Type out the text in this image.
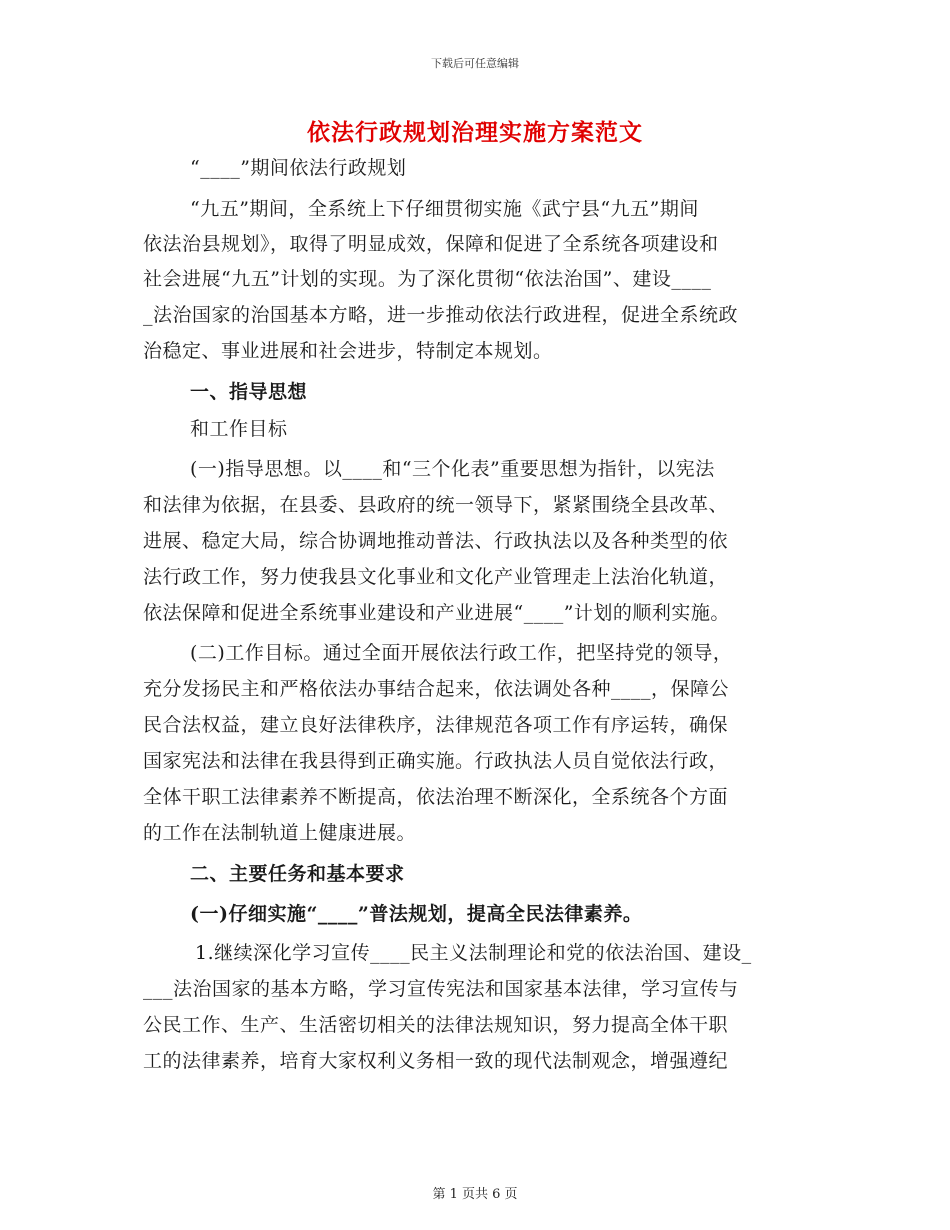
下载后可任意编辑
依法行政规划治理实施方案范文
“____”期间依法行政规划
“九五”期间，全系统上下仔细贯彻实施《武宁县“九五”期间
依法治县规划》，取得了明显成效，保障和促进了全系统各项建设和
社会进展“九五”计划的实现。为了深化贯彻“依法治国”、建设____
_法治国家的治国基本方略，进一步推动依法行政进程，促进全系统政
治稳定、事业进展和社会进步，特制定本规划。
一、指导思想
和工作目标
(一)指导思想。以____和“三个化表”重要思想为指针，以宪法
和法律为依据，在县委、县政府的统一领导下，紧紧围绕全县改革、
进展、稳定大局，综合协调地推动普法、行政执法以及各种类型的依
法行政工作，努力使我县文化事业和文化产业管理走上法治化轨道，
依法保障和促进全系统事业建设和产业进展“____”计划的顺利实施。
(二)工作目标。通过全面开展依法行政工作，把坚持党的领导，
充分发扬民主和严格依法办事结合起来，依法调处各种____，保障公
民合法权益，建立良好法律秩序，法律规范各项工作有序运转，确保
国家宪法和法律在我县得到正确实施。行政执法人员自觉依法行政，
全体干职工法律素养不断提高，依法治理不断深化，全系统各个方面
的工作在法制轨道上健康进展。
二、主要任务和基本要求
(一)仔细实施“____”普法规划，提高全民法律素养。
1.继续深化学习宣传____民主义法制理论和党的依法治国、建设_
___法治国家的基本方略，学习宣传宪法和国家基本法律，学习宣传与
公民工作、生产、生活密切相关的法律法规知识，努力提高全体干职
工的法律素养，培育大家权利义务相一致的现代法制观念，增强遵纪
第 1 页共 6 页
